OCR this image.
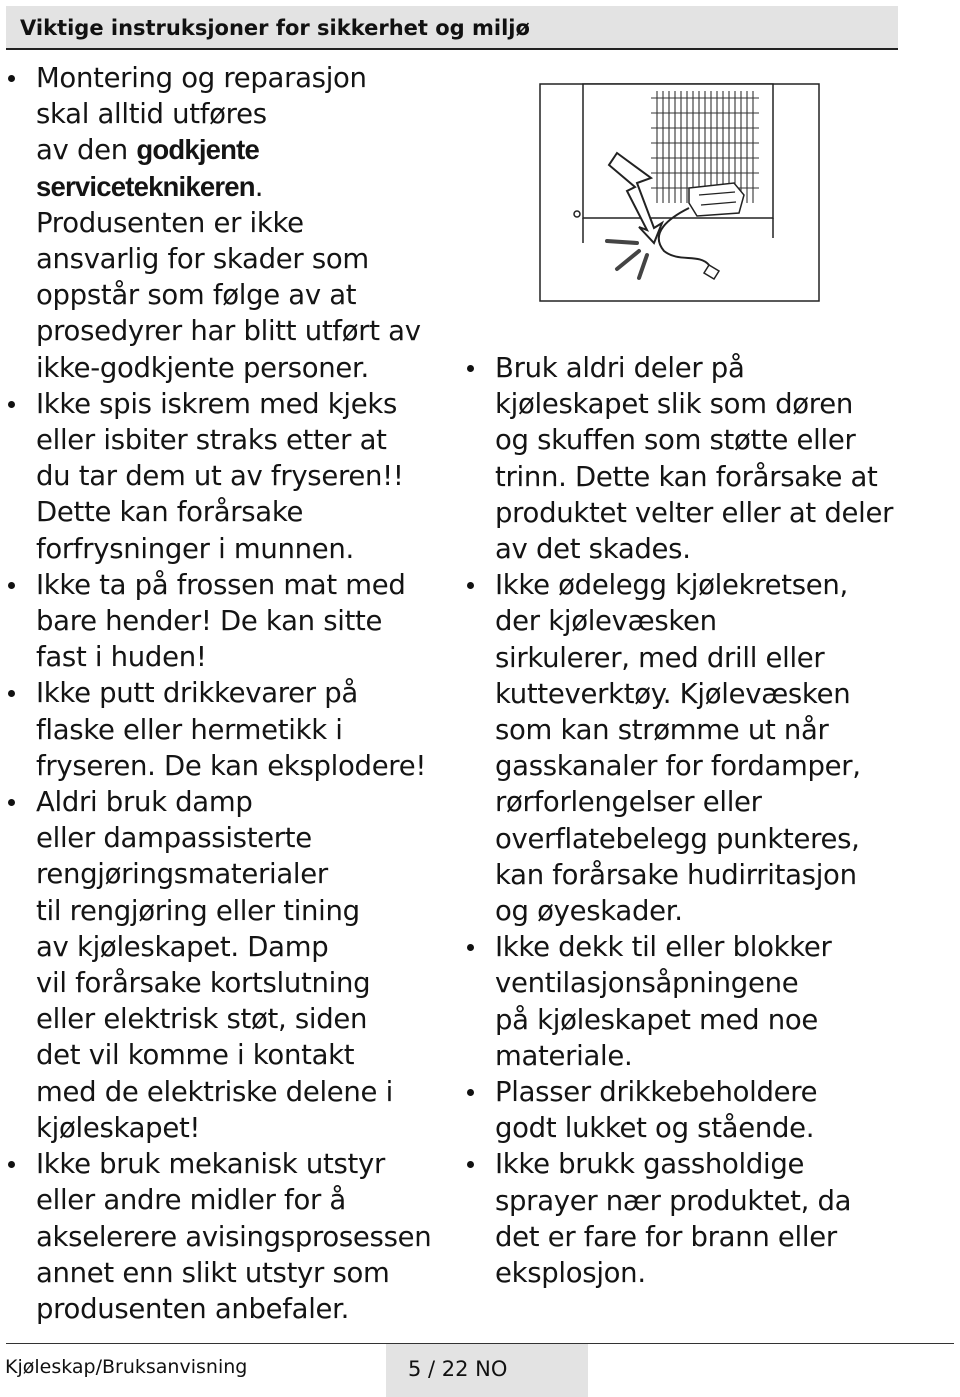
Viktige instruksjoner for sikkerhet og miljø
Montering og reparasjon
skal alltid utføres
av den godkjente
serviceteknikeren.
Produsenten er ikke
ansvarlig for skader som
oppstår som følge av at
prosedyrer har blitt utført av
ikke-godkjente personer.
Ikke spis iskrem med kjeks
eller isbiter straks etter at
du tar dem ut av fryseren!!
Dette kan forårsake
forfrysninger i munnen.
Ikke ta på frossen mat med
bare hender! De kan sitte
fast i huden!
Ikke putt drikkevarer på
flaske eller hermetikk i
fryseren. De kan eksplodere!
Aldri bruk damp
eller dampassisterte
rengjøringsmaterialer
til rengjøring eller tining
av kjøleskapet. Damp
vil forårsake kortslutning
eller elektrisk støt, siden
det vil komme i kontakt
med de elektriske delene i
kjøleskapet!
Ikke bruk mekanisk utstyr
eller andre midler for å
akselerere avisingsprosessen
annet enn slikt utstyr som
produsenten anbefaler.
Bruk aldri deler på
kjøleskapet slik som døren
og skuffen som støtte eller
trinn. Dette kan forårsake at
produktet velter eller at deler
av det skades.
Ikke ødelegg kjølekretsen,
der kjølevæsken
sirkulerer, med drill eller
kutteverktøy. Kjølevæsken
som kan strømme ut når
gasskanaler for fordamper,
rørforlengelser eller
overflatebelegg punkteres,
kan forårsake hudirritasjon
og øyeskader.
Ikke dekk til eller blokker
ventilasjonsåpningene
på kjøleskapet med noe
materiale.
Plasser drikkebeholdere
godt lukket og stående.
Ikke brukk gassholdige
sprayer nær produktet, da
det er fare for brann eller
eksplosjon.
Kjøleskap/Bruksanvisning	5 / 22 NO
